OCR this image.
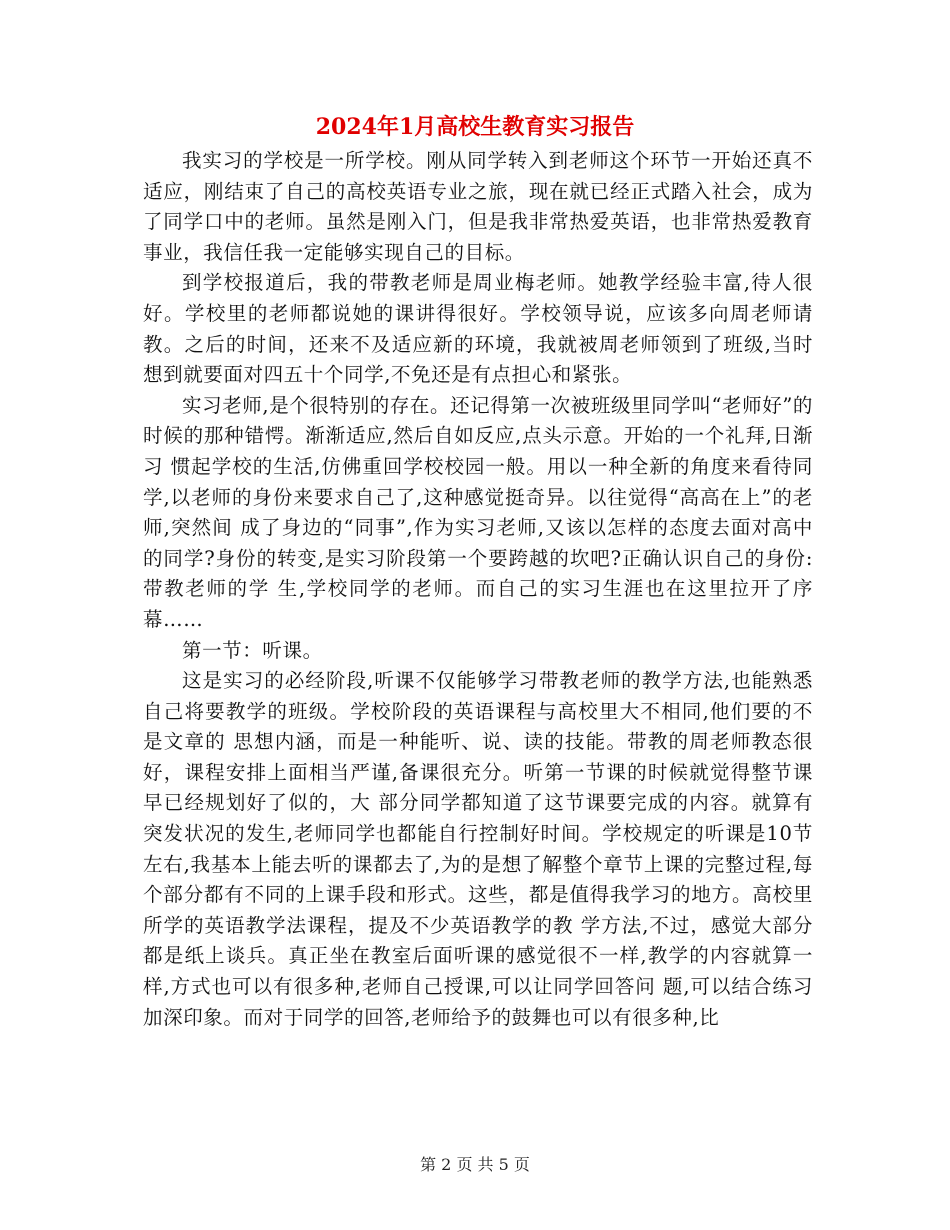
2024年1月高校生教育实习报告

我实习的学校是一所学校。刚从同学转入到老师这个环节一开始还真不适应，刚结束了自己的高校英语专业之旅，现在就已经正式踏入社会，成为了同学口中的老师。虽然是刚入门，但是我非常热爱英语，也非常热爱教育事业，我信任我一定能够实现自己的目标。

到学校报道后，我的带教老师是周业梅老师。她教学经验丰富,待人很好。学校里的老师都说她的课讲得很好。学校领导说，应该多向周老师请教。之后的时间，还来不及适应新的环境，我就被周老师领到了班级,当时想到就要面对四五十个同学,不免还是有点担心和紧张。

实习老师,是个很特别的存在。还记得第一次被班级里同学叫“老师好”的时候的那种错愕。渐渐适应,然后自如反应,点头示意。开始的一个礼拜,日渐习 惯起学校的生活,仿佛重回学校校园一般。用以一种全新的角度来看待同学,以老师的身份来要求自己了,这种感觉挺奇异。以往觉得“高高在上”的老师,突然间 成了身边的“同事”,作为实习老师,又该以怎样的态度去面对高中的同学?身份的转变,是实习阶段第一个要跨越的坎吧?正确认识自己的身份:带教老师的学 生,学校同学的老师。而自己的实习生涯也在这里拉开了序幕……

第一节：听课。

这是实习的必经阶段,听课不仅能够学习带教老师的教学方法,也能熟悉自己将要教学的班级。学校阶段的英语课程与高校里大不相同,他们要的不是文章的 思想内涵，而是一种能听、说、读的技能。带教的周老师教态很好，课程安排上面相当严谨,备课很充分。听第一节课的时候就觉得整节课早已经规划好了似的，大 部分同学都知道了这节课要完成的内容。就算有突发状况的发生,老师同学也都能自行控制好时间。学校规定的听课是10节左右,我基本上能去听的课都去了,为的是想了解整个章节上课的完整过程,每个部分都有不同的上课手段和形式。这些，都是值得我学习的地方。高校里所学的英语教学法课程，提及不少英语教学的教 学方法,不过，感觉大部分都是纸上谈兵。真正坐在教室后面听课的感觉很不一样,教学的内容就算一样,方式也可以有很多种,老师自己授课,可以让同学回答问 题,可以结合练习加深印象。而对于同学的回答,老师给予的鼓舞也可以有很多种,比

第 2 页 共 5 页
